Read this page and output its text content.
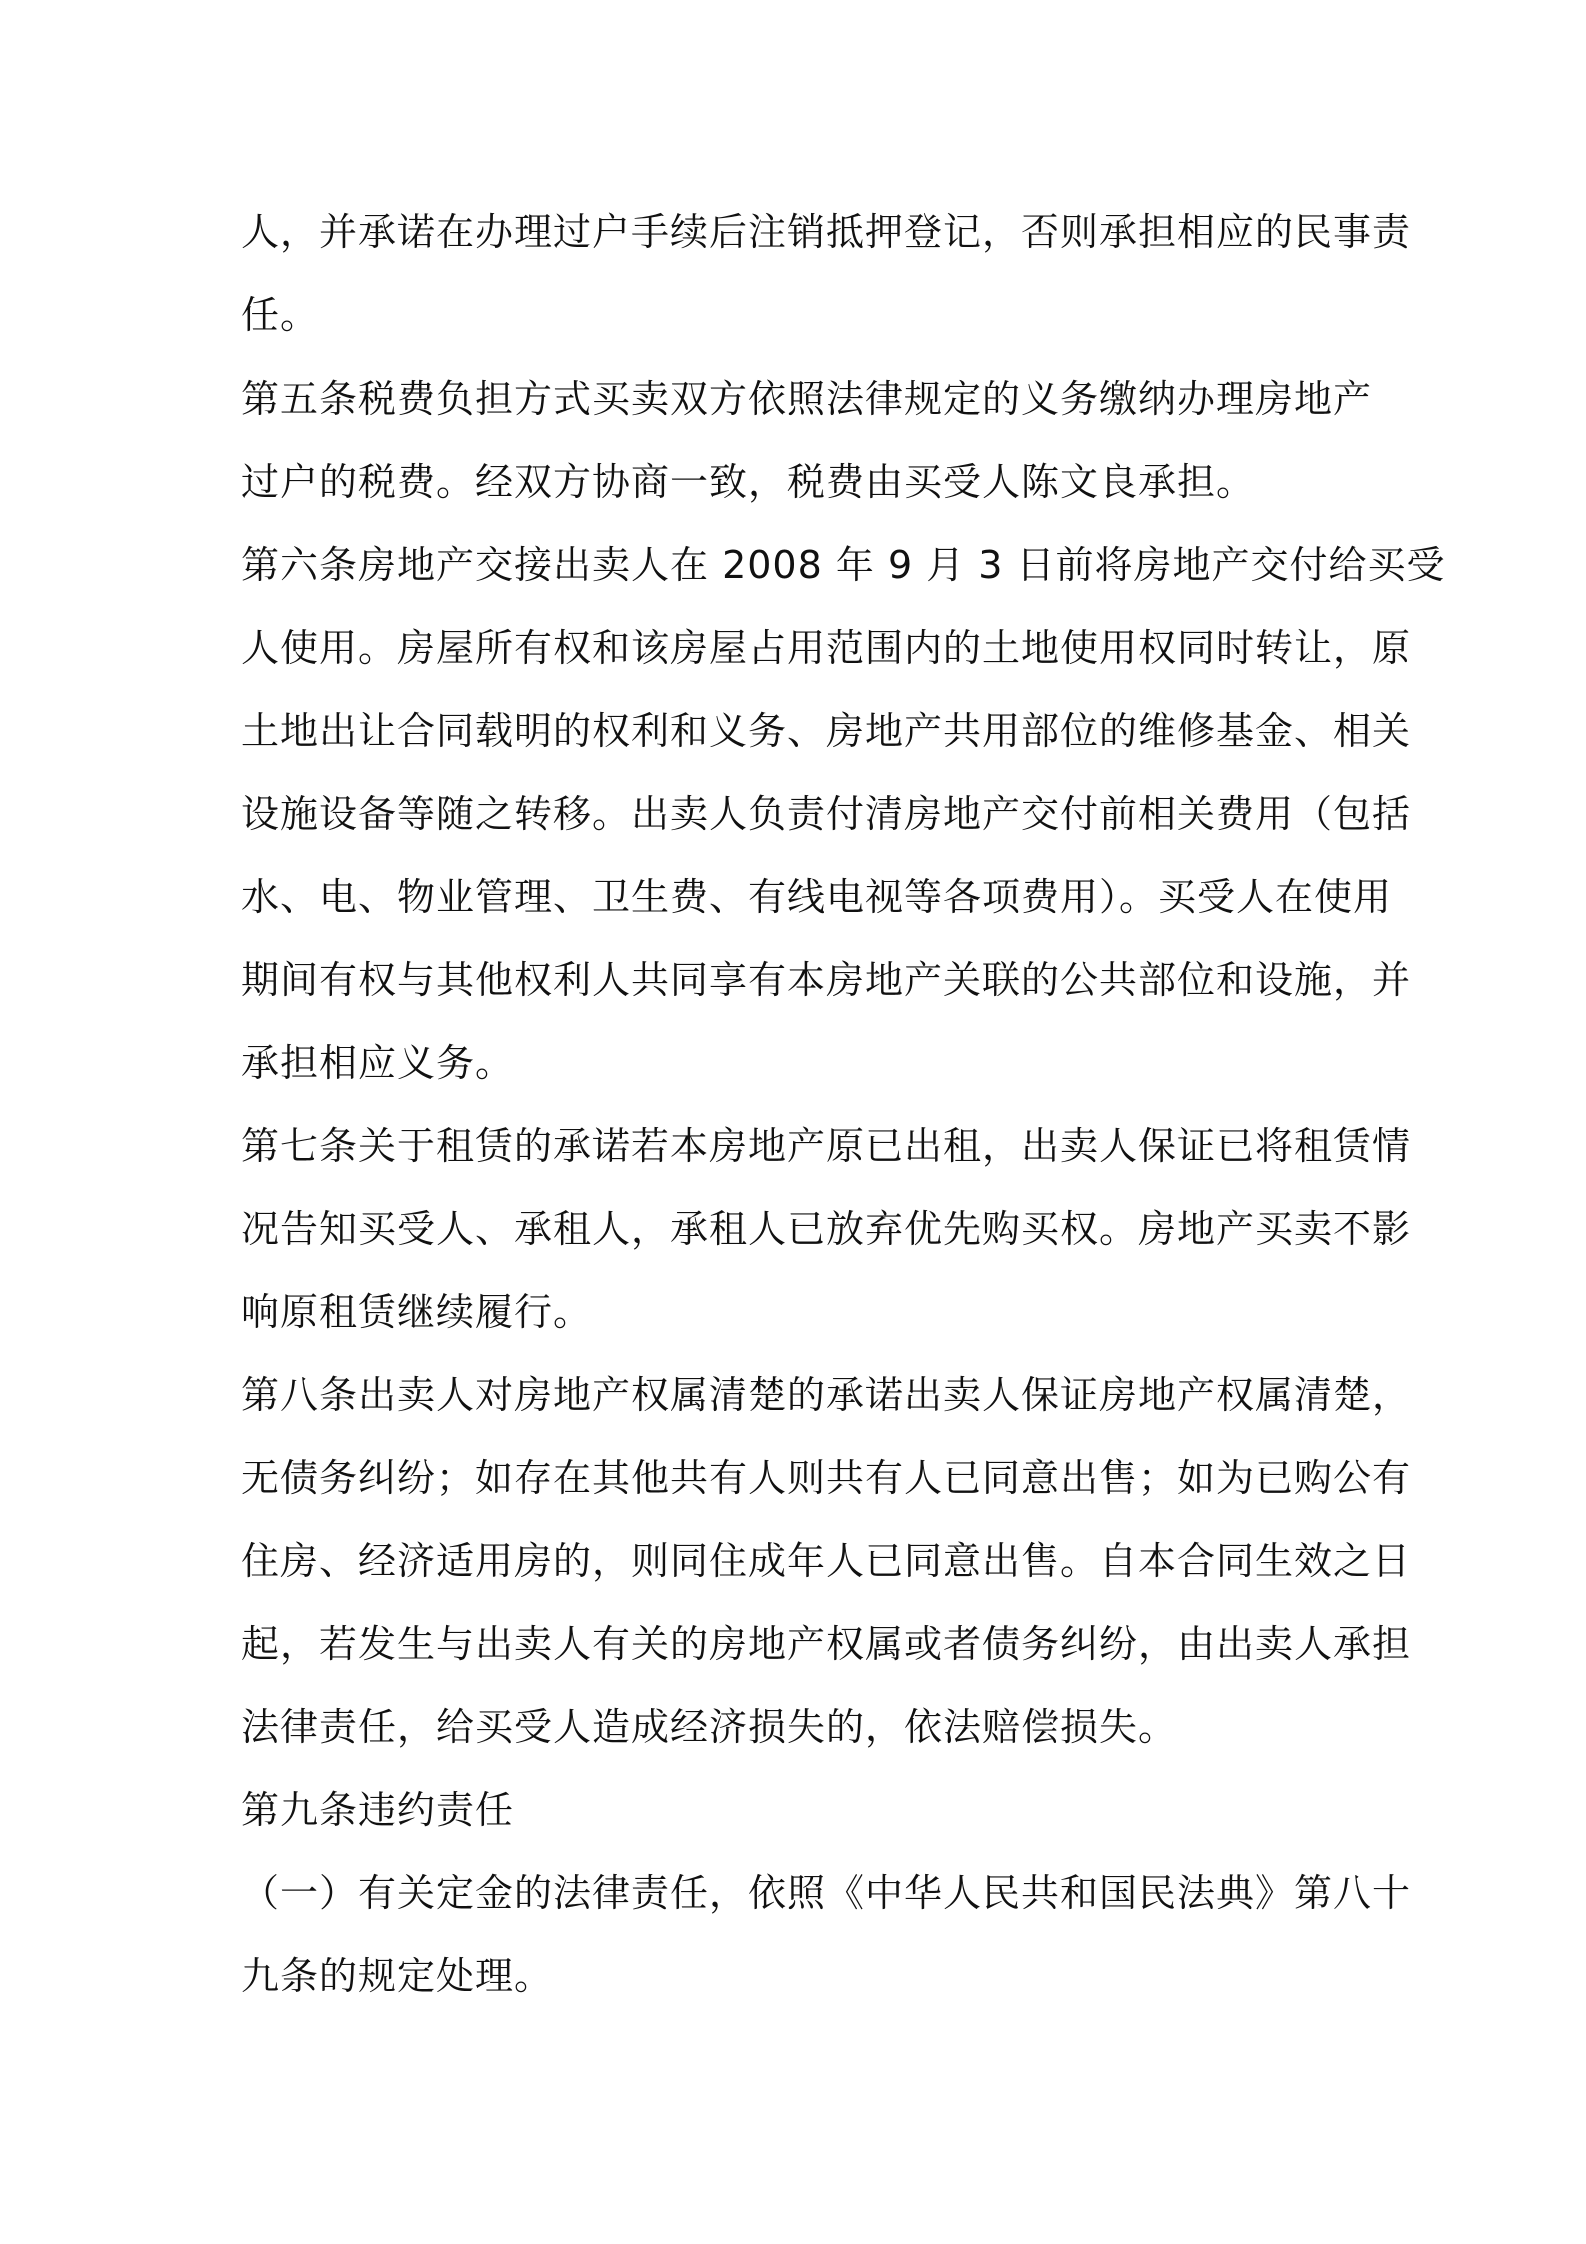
人，并承诺在办理过户手续后注销抵押登记，否则承担相应的民事责

任。

第五条税费负担方式买卖双方依照法律规定的义务缴纳办理房地产

过户的税费。经双方协商一致，税费由买受人陈文良承担。

第六条房地产交接出卖人在 2008 年 9 月 3 日前将房地产交付给买受

人使用。房屋所有权和该房屋占用范围内的土地使用权同时转让，原

土地出让合同载明的权利和义务、房地产共用部位的维修基金、相关

设施设备等随之转移。出卖人负责付清房地产交付前相关费用（包括

水、电、物业管理、卫生费、有线电视等各项费用）。买受人在使用

期间有权与其他权利人共同享有本房地产关联的公共部位和设施，并

承担相应义务。

第七条关于租赁的承诺若本房地产原已出租，出卖人保证已将租赁情

况告知买受人、承租人，承租人已放弃优先购买权。房地产买卖不影

响原租赁继续履行。

第八条出卖人对房地产权属清楚的承诺出卖人保证房地产权属清楚，

无债务纠纷；如存在其他共有人则共有人已同意出售；如为已购公有

住房、经济适用房的，则同住成年人已同意出售。自本合同生效之日

起，若发生与出卖人有关的房地产权属或者债务纠纷，由出卖人承担

法律责任，给买受人造成经济损失的，依法赔偿损失。

第九条违约责任

（一）有关定金的法律责任，依照《中华人民共和国民法典》第八十

九条的规定处理。
